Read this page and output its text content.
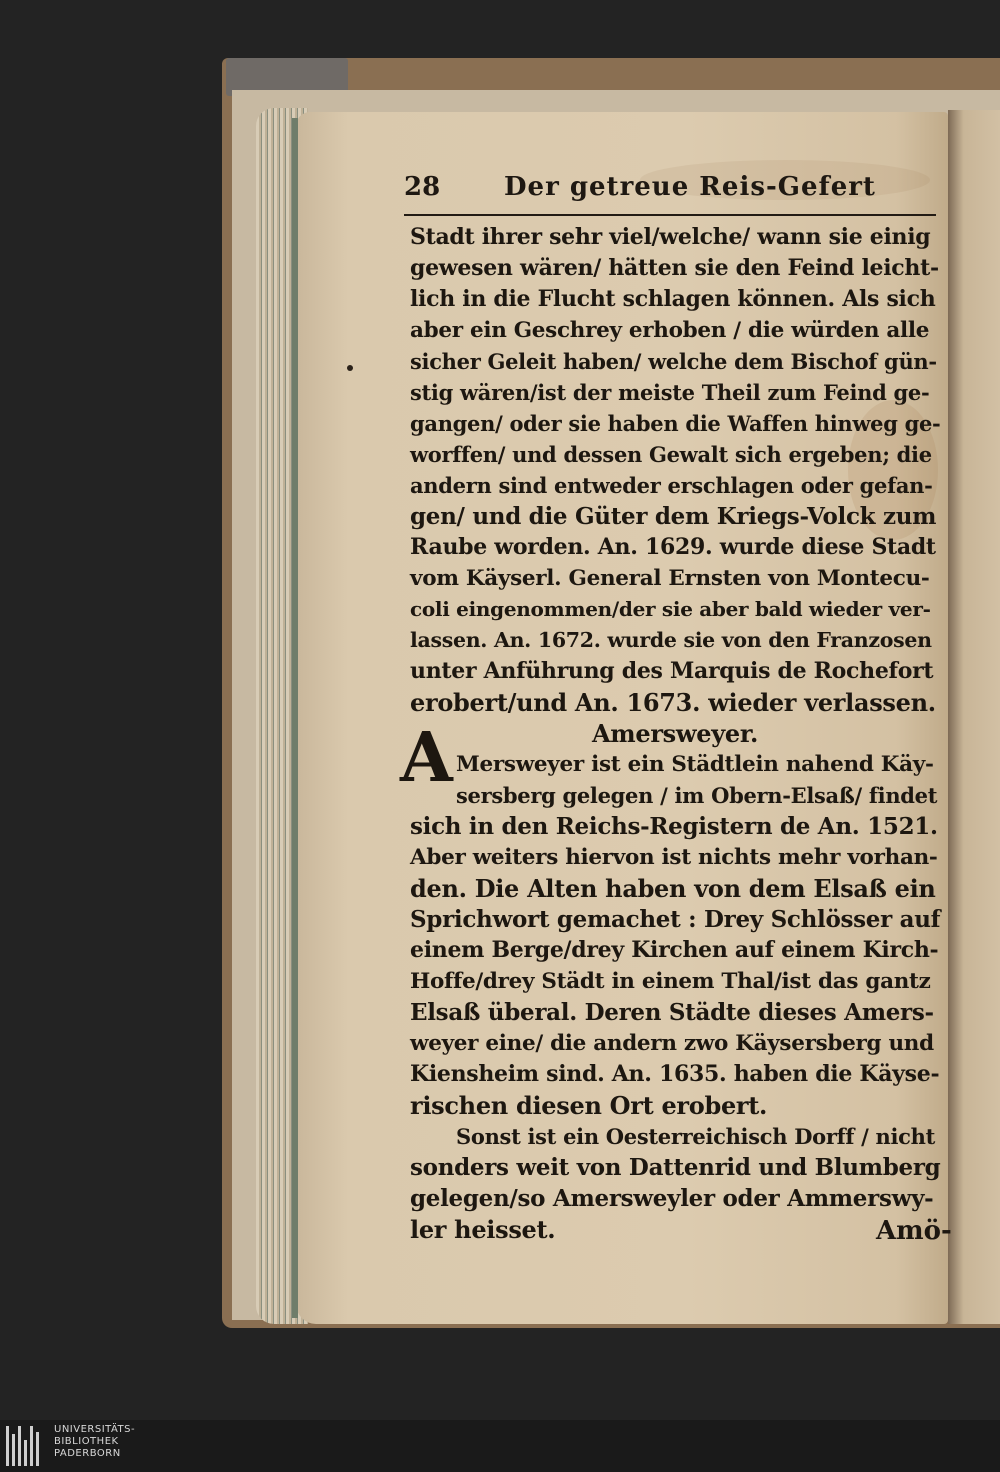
28 Der getreue Reis-Gefert
Stadt ihrer sehr viel/welche/ wann sie einig
gewesen wären/ hätten sie den Feind leicht-
lich in die Flucht schlagen können. Als sich
aber ein Geschrey erhoben / die würden alle
sicher Geleit haben/ welche dem Bischof gün-
stig wären/ist der meiste Theil zum Feind ge-
gangen/ oder sie haben die Waffen hinweg ge-
worffen/ und dessen Gewalt sich ergeben; die
andern sind entweder erschlagen oder gefan-
gen/ und die Güter dem Kriegs-Volck zum
Raube worden. An. 1629. wurde diese Stadt
vom Käyserl. General Ernsten von Montecu-
coli eingenommen/der sie aber bald wieder ver-
lassen. An. 1672. wurde sie von den Franzosen
unter Anführung des Marquis de Rochefort
erobert/und An. 1673. wieder verlassen.
Amersweyer.
Mersweyer ist ein Städtlein nahend Käy-
sersberg gelegen / im Obern-Elsaß/ findet
sich in den Reichs-Registern de An. 1521.
Aber weiters hiervon ist nichts mehr vorhan-
den. Die Alten haben von dem Elsaß ein
Sprichwort gemachet : Drey Schlösser auf
einem Berge/drey Kirchen auf einem Kirch-
Hoffe/drey Städt in einem Thal/ist das gantz
Elsaß überal. Deren Städte dieses Amers-
weyer eine/ die andern zwo Käysersberg und
Kiensheim sind. An. 1635. haben die Käyse-
rischen diesen Ort erobert.
Sonst ist ein Oesterreichisch Dorff / nicht
sonders weit von Dattenrid und Blumberg
gelegen/so Amersweyler oder Ammerswy-
ler heisset.
A
Amö-
UNIVERSITÄTS-
BIBLIOTHEK
PADERBORN
